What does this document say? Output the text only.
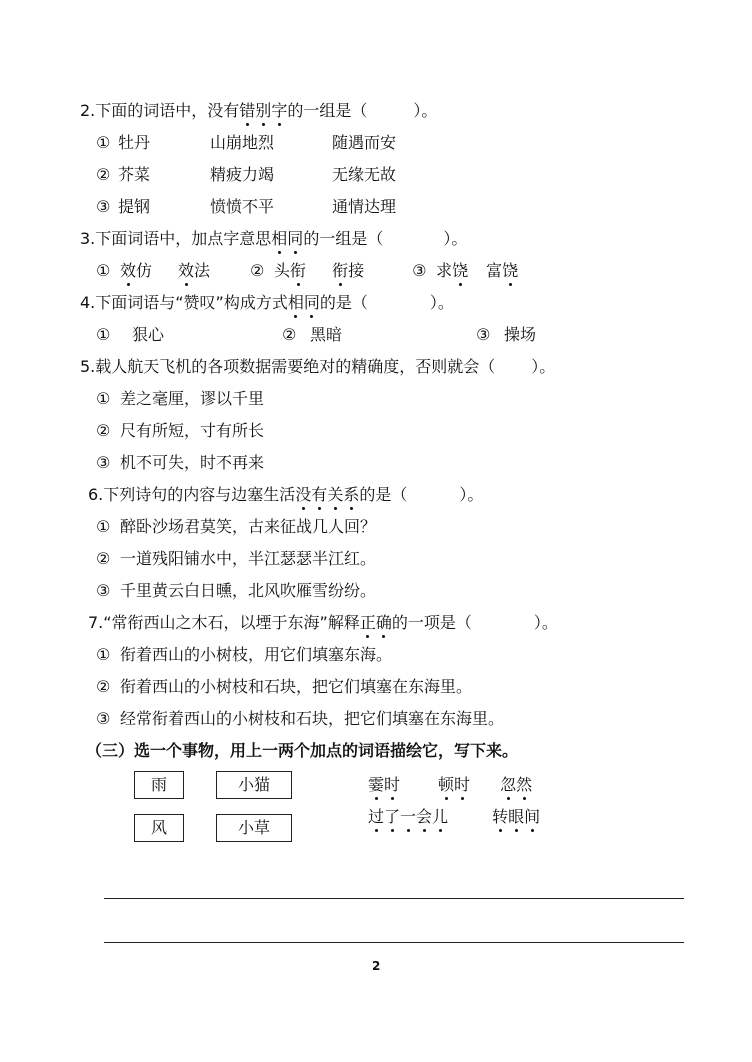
2.下面的词语中，没有错别字的一组是（	）。
① 牡丹	山崩地烈	随遇而安
② 芥菜	精疲力竭	无缘无故
③ 提钢	愤愤不平	通情达理
3.下面词语中，加点字意思相同的一组是（	）。
① 效仿 效法 ② 头衔 衔接	③ 求饶 富饶
4.下面词语与“赞叹”构成方式相同的是（	）。
① 狠心	② 黑暗	③ 操场
5.载人航天飞机的各项数据需要绝对的精确度，否则就会（ ）。
① 差之毫厘，谬以千里
② 尺有所短，寸有所长
③ 机不可失，时不再来
6.下列诗句的内容与边塞生活没有关系的是（	）。
① 醉卧沙场君莫笑，古来征战几人回？
② 一道残阳铺水中，半江瑟瑟半江红。
③ 千里黄云白日曛，北风吹雁雪纷纷。
7.“常衔西山之木石，以堙于东海”解释正确的一项是（	）。
① 衔着西山的小树枝，用它们填塞东海。
② 衔着西山的小树枝和石块，把它们填塞在东海里。
③ 经常衔着西山的小树枝和石块，把它们填塞在东海里。
（三）选一个事物，用上一两个加点的词语描绘它，写下来。
雨	小猫
风	小草
霎时 顿时 忽然
过了一会儿	转眼间
2
